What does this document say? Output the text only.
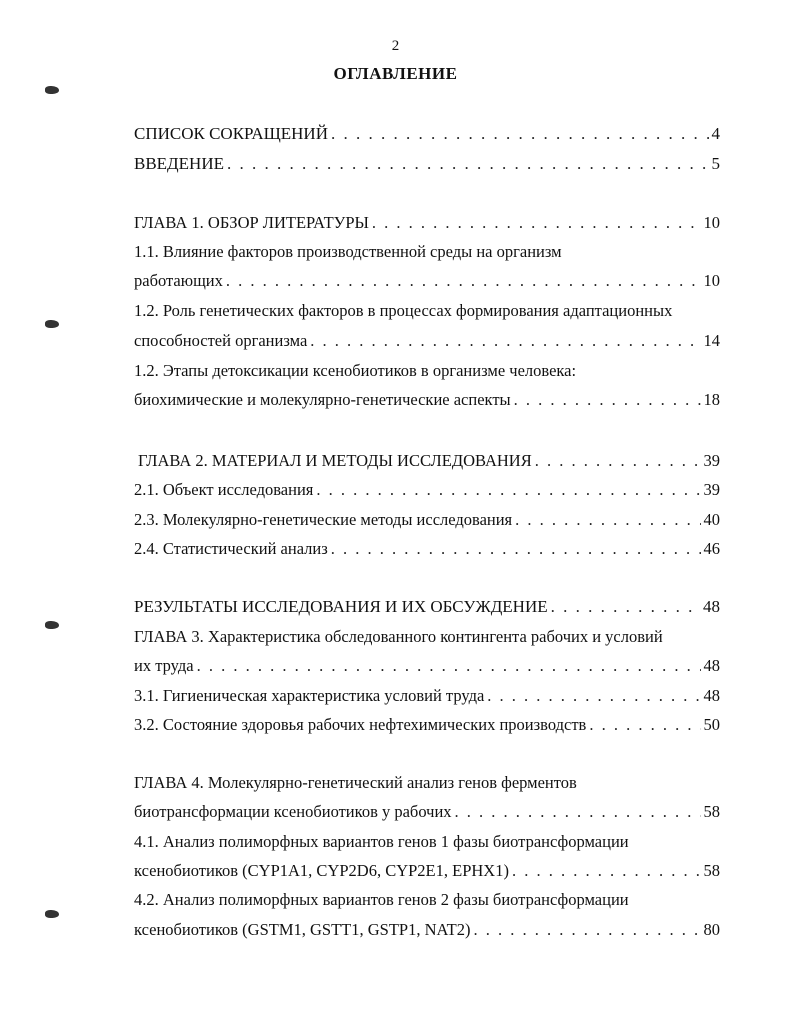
2
ОГЛАВЛЕНИЕ
СПИСОК СОКРАЩЕНИЙ . . .	4
ВВЕДЕНИЕ . . .	5
ГЛАВА 1. ОБЗОР ЛИТЕРАТУРЫ . . .	10
1.1. Влияние факторов производственной среды на организм
работающих . . .	10
1.2. Роль генетических факторов в процессах формирования адаптационных
способностей организма . . .	14
1.2. Этапы детоксикации ксенобиотиков в организме человека:
биохимические и молекулярно-генетические аспекты . . .	18
ГЛАВА 2. МАТЕРИАЛ И МЕТОДЫ ИССЛЕДОВАНИЯ . . .	39
2.1. Объект исследования . . .	39
2.3. Молекулярно-генетические методы исследования . . .	40
2.4. Статистический анализ . . .	46
РЕЗУЛЬТАТЫ ИССЛЕДОВАНИЯ И ИХ ОБСУЖДЕНИЕ . . .	48
ГЛАВА 3. Характеристика обследованного контингента рабочих и условий
их труда . . .	48
3.1. Гигиеническая характеристика условий труда . . .	48
3.2. Состояние здоровья рабочих нефтехимических производств . . .	50
ГЛАВА 4. Молекулярно-генетический анализ генов ферментов
биотрансформации ксенобиотиков у рабочих . . .	58
4.1. Анализ полиморфных вариантов генов 1 фазы биотрансформации
ксенобиотиков (CYP1A1, CYP2D6, CYP2E1, EPHX1) . . .	58
4.2. Анализ полиморфных вариантов генов 2 фазы биотрансформации
ксенобиотиков (GSTM1, GSTT1, GSTP1, NAT2) . . .	80
